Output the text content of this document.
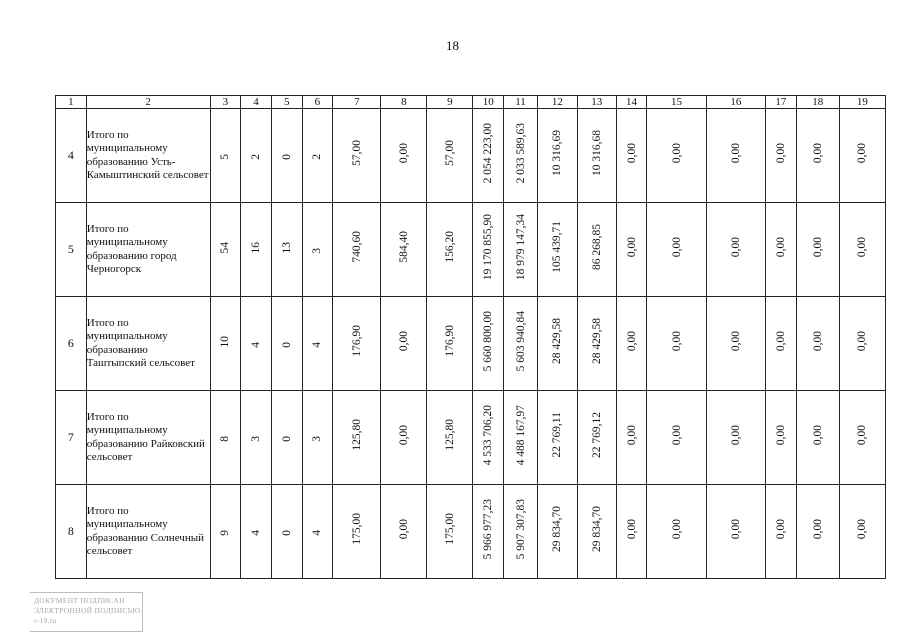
18
1	2	3	4	5	6	7	8	9	10	11	12	13	14	15	16	17	18	19
4	Итого по муниципальному образованию Усть-Камыштинский сельсовет	5	2	0	2	57,00	0,00	57,00	2 054 223,00	2 033 589,63	10 316,69	10 316,68	0,00	0,00	0,00	0,00	0,00	0,00
5	Итого по муниципальному образованию город Черногорск	54	16	13	3	740,60	584,40	156,20	19 170 855,90	18 979 147,34	105 439,71	86 268,85	0,00	0,00	0,00	0,00	0,00	0,00
6	Итого по муниципальному образованию Таштыпский сельсовет	10	4	0	4	176,90	0,00	176,90	5 660 800,00	5 603 940,84	28 429,58	28 429,58	0,00	0,00	0,00	0,00	0,00	0,00
7	Итого по муниципальному образованию Райковский сельсовет	8	3	0	3	125,80	0,00	125,80	4 533 706,20	4 488 167,97	22 769,11	22 769,12	0,00	0,00	0,00	0,00	0,00	0,00
8	Итого по муниципальному образованию Солнечный сельсовет	9	4	0	4	175,00	0,00	175,00	5 966 977,23	5 907 307,83	29 834,70	29 834,70	0,00	0,00	0,00	0,00	0,00	0,00
ДОКУМЕНТ ПОДПИСАН
ЭЛЕКТРОННОЙ ПОДПИСЬЮ
r-19.ru
